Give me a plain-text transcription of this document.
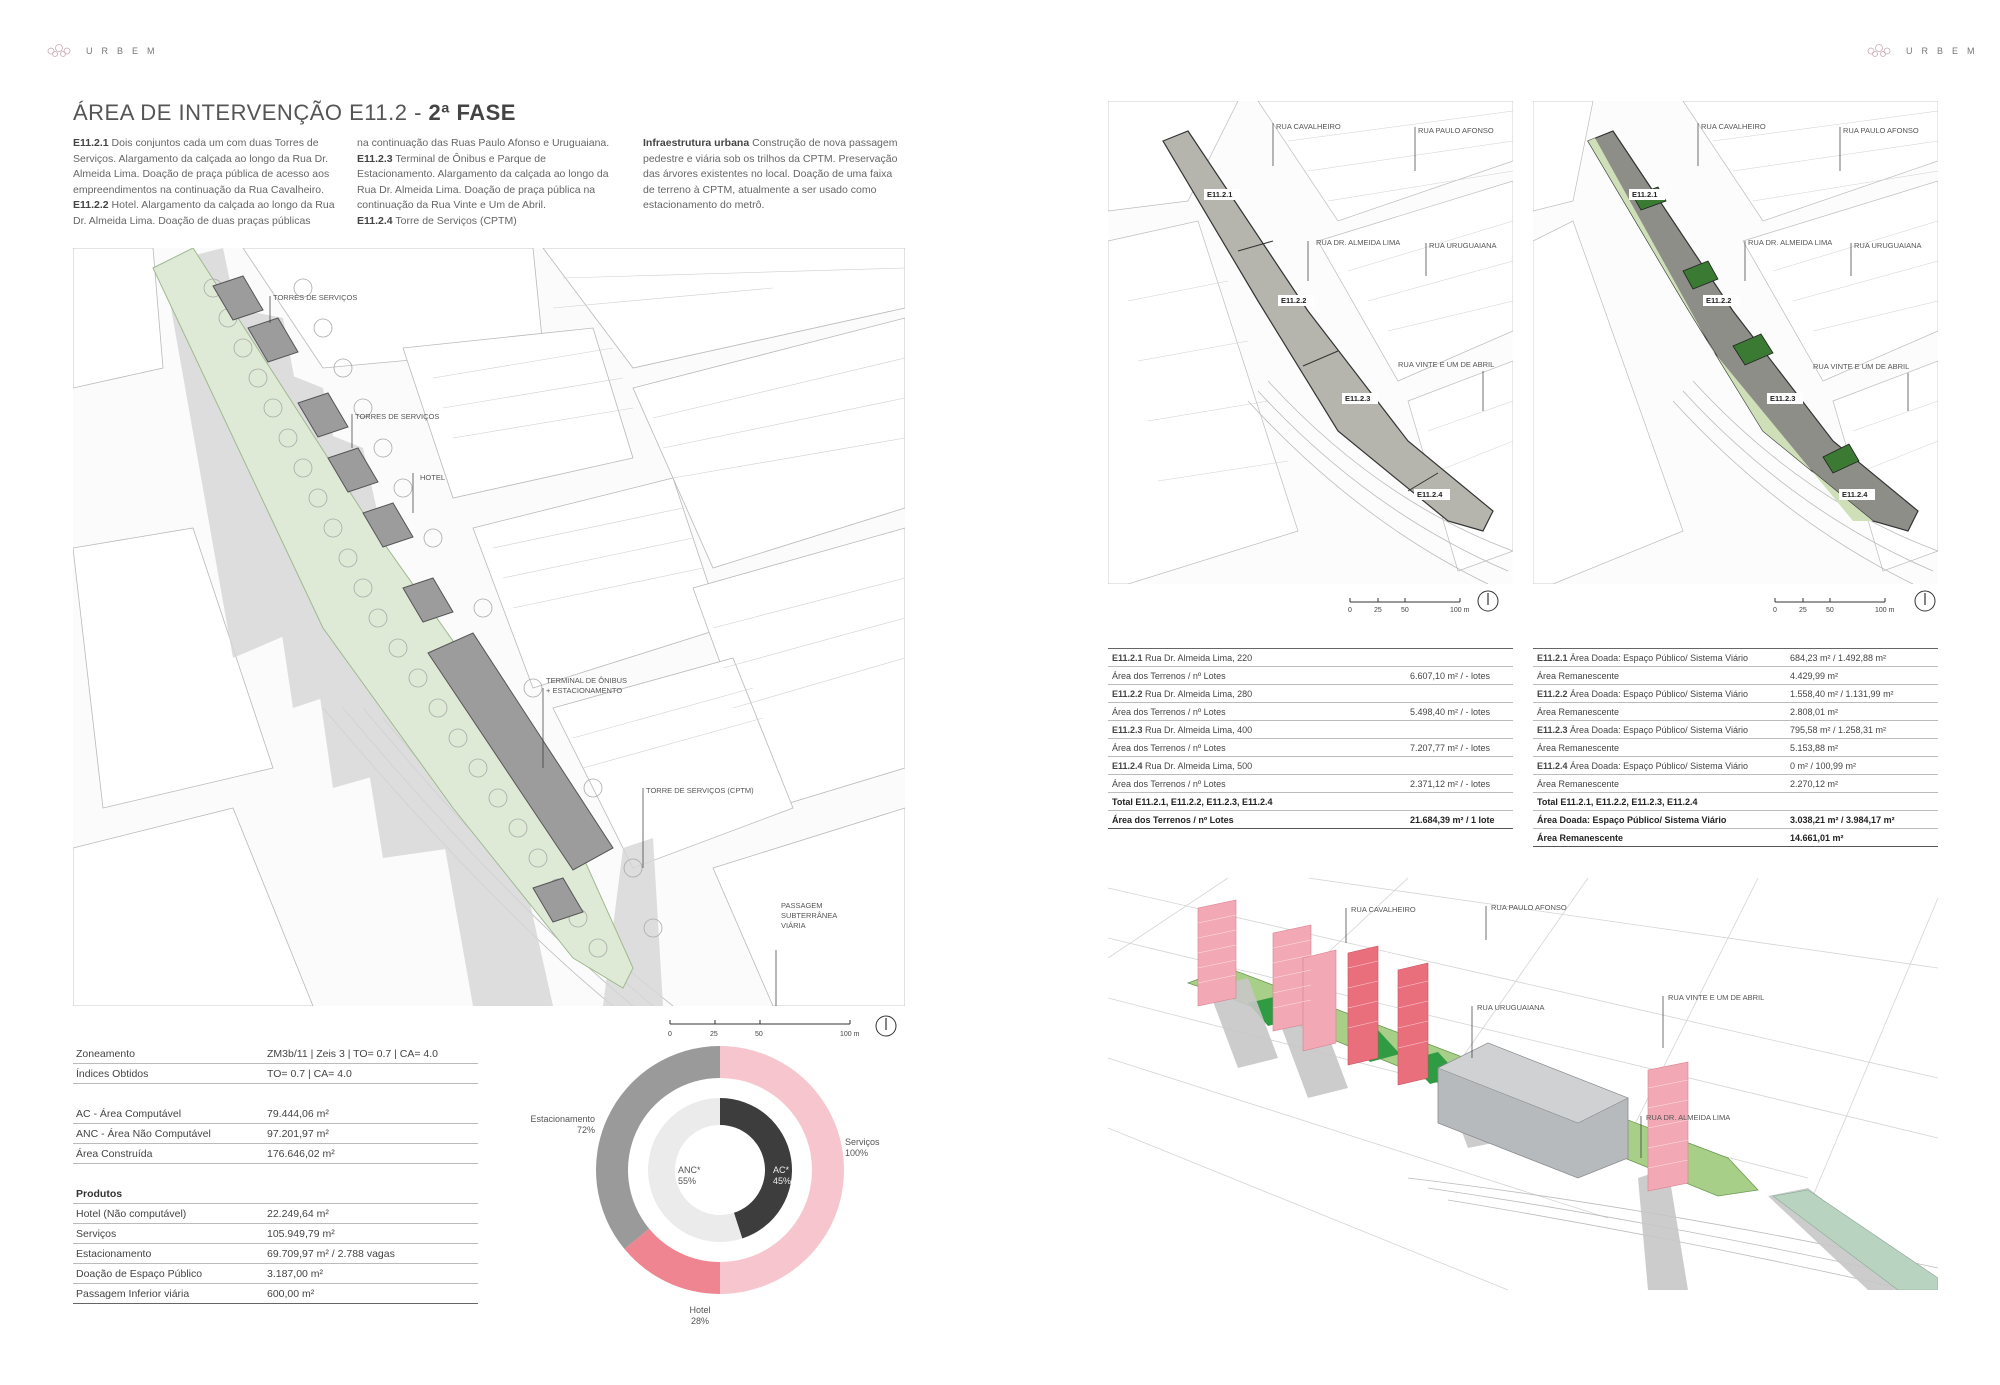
URBEM	URBEM
ÁREA DE INTERVENÇÃO E11.2 - 2ª FASE
E11.2.1 Dois conjuntos cada um com duas Torres de Serviços. Alargamento da calçada ao longo da Rua Dr. Almeida Lima. Doação de praça pública de acesso aos empreendimentos na continuação da Rua Cavalheiro.
E11.2.2 Hotel. Alargamento da calçada ao longo da Rua Dr. Almeida Lima. Doação de duas praças públicas
na continuação das Ruas Paulo Afonso e Uruguaiana.
E11.2.3 Terminal de Ônibus e Parque de Estacionamento. Alargamento da calçada ao longo da Rua Dr. Almeida Lima. Doação de praça pública na continuação da Rua Vinte e Um de Abril.
E11.2.4 Torre de Serviços (CPTM)
Infraestrutura urbana Construção de nova passagem pedestre e viária sob os trilhos da CPTM. Preservação das árvores existentes no local. Doação de uma faixa de terreno à CPTM, atualmente a ser usado como estacionamento do metrô.
TORRES DE SERVIÇOS
TORRES DE SERVIÇOS
HOTEL
TERMINAL DE ÔNIBUS
+ ESTACIONAMENTO
TORRE DE SERVIÇOS (CPTM)
PASSAGEM
SUBTERRÂNEA
VIÁRIA
0	25	50	100 m
Zoneamento	ZM3b/11 | Zeis 3 | TO= 0.7 | CA= 4.0
Índices Obtidos	TO= 0.7 | CA= 4.0

AC - Área Computável	79.444,06 m²
ANC - Área Não Computável	97.201,97 m²
Área Construída	176.646,02 m²

Produtos	
Hotel (Não computável)	22.249,64 m²
Serviços	105.949,79 m²
Estacionamento	69.709,97 m² / 2.788 vagas
Doação de Espaço Público	3.187,00 m²
Passagem Inferior viária	600,00 m²
ANC*
55%
AC*
45%
Estacionamento
72%
Serviços
100%
Hotel
28%
RUA CAVALHEIRO	RUA PAULO AFONSO
RUA DR. ALMEIDA LIMA	RUA URUGUAIANA
RUA VINTE E UM DE ABRIL
E11.2.1
E11.2.2
E11.2.3
E11.2.4
RUA CAVALHEIRO	RUA PAULO AFONSO
RUA DR. ALMEIDA LIMA	RUA URUGUAIANA
RUA VINTE E UM DE ABRIL
E11.2.1
E11.2.2
E11.2.3
E11.2.4
0	25	50	100 m	0	25	50	100 m
E11.2.1 Rua Dr. Almeida Lima, 220	
Área dos Terrenos / nº Lotes	6.607,10 m² / - lotes
E11.2.2 Rua Dr. Almeida Lima, 280	
Área dos Terrenos / nº Lotes	5.498,40 m² / - lotes
E11.2.3 Rua Dr. Almeida Lima, 400	
Área dos Terrenos / nº Lotes	7.207,77 m² / - lotes
E11.2.4 Rua Dr. Almeida Lima, 500	
Área dos Terrenos / nº Lotes	2.371,12 m² / - lotes
Total E11.2.1, E11.2.2, E11.2.3, E11.2.4	
Área dos Terrenos / nº Lotes	21.684,39 m² / 1 lote
E11.2.1 Área Doada: Espaço Público/ Sistema Viário	684,23 m² / 1.492,88 m²
Área Remanescente	4.429,99 m²
E11.2.2 Área Doada: Espaço Público/ Sistema Viário	1.558,40 m² / 1.131,99 m²
Área Remanescente	2.808,01 m²
E11.2.3 Área Doada: Espaço Público/ Sistema Viário	795,58 m² / 1.258,31 m²
Área Remanescente	5.153,88 m²
E11.2.4 Área Doada: Espaço Público/ Sistema Viário	0 m² / 100,99 m²
Área Remanescente	2.270,12 m²
Total E11.2.1, E11.2.2, E11.2.3, E11.2.4	
Área Doada: Espaço Público/ Sistema Viário	3.038,21 m² / 3.984,17 m²
Área Remanescente	14.661,01 m²
RUA CAVALHEIRO	RUA PAULO AFONSO
RUA URUGUAIANA
RUA VINTE E UM DE ABRIL
RUA DR. ALMEIDA LIMA
